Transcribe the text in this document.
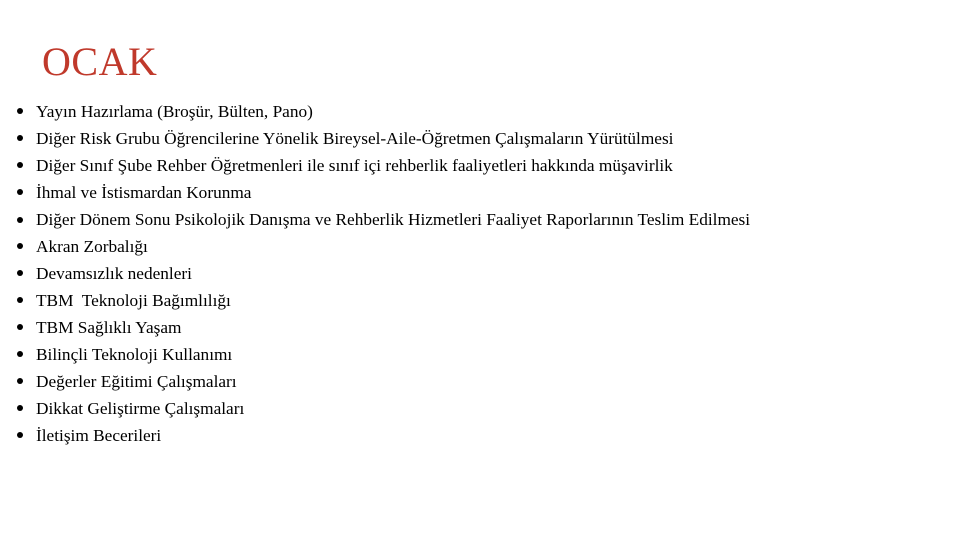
OCAK
Yayın Hazırlama (Broşür, Bülten, Pano)
Diğer Risk Grubu Öğrencilerine Yönelik Bireysel-Aile-Öğretmen Çalışmaların Yürütülmesi
Diğer Sınıf Şube Rehber Öğretmenleri ile sınıf içi rehberlik faaliyetleri hakkında müşavirlik
İhmal ve İstismardan Korunma
Diğer Dönem Sonu Psikolojik Danışma ve Rehberlik Hizmetleri Faaliyet Raporlarının Teslim Edilmesi
Akran Zorbalığı
Devamsızlık nedenleri
TBM  Teknoloji Bağımlılığı
TBM Sağlıklı Yaşam
Bilinçli Teknoloji Kullanımı
Değerler Eğitimi Çalışmaları
Dikkat Geliştirme Çalışmaları
İletişim Becerileri
